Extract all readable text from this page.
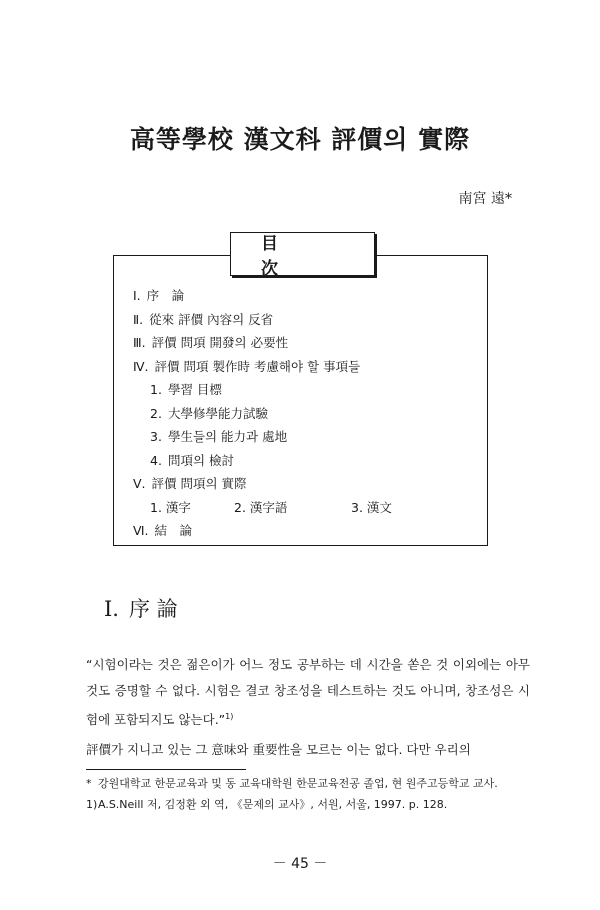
高等學校 漢文科 評價의 實際
南宮 遠*
目　次
Ⅰ. 序　論
Ⅱ. 從來 評價 內容의 反省
Ⅲ. 評價 問項 開發의 必要性
Ⅳ. 評價 問項 製作時 考慮해야 할 事項들
1. 學習 目標
2. 大學修學能力試驗
3. 學生들의 能力과 處地
4. 問項의 檢討
Ⅴ. 評價 問項의 實際
1. 漢字	2. 漢字語	3. 漢文
Ⅵ. 結　論
Ⅰ. 序 論
“시험이라는 것은 젊은이가 어느 정도 공부하는 데 시간을 쏟은 것 이외에는 아무것도 증명할 수 없다. 시험은 결코 창조성을 테스트하는 것도 아니며, 창조성은 시험에 포함되지도 않는다.”$^{1)}$
評價가 지니고 있는 그 意味와 重要性을 모르는 이는 없다. 다만 우리의
* 강원대학교 한문교육과 및 동 교육대학원 한문교육전공 졸업, 현 원주고등학교 교사.
1) A.S.Neill 저, 김정환 외 역, 《문제의 교사》, 서원, 서울, 1997. p. 128.
－ 45 －
